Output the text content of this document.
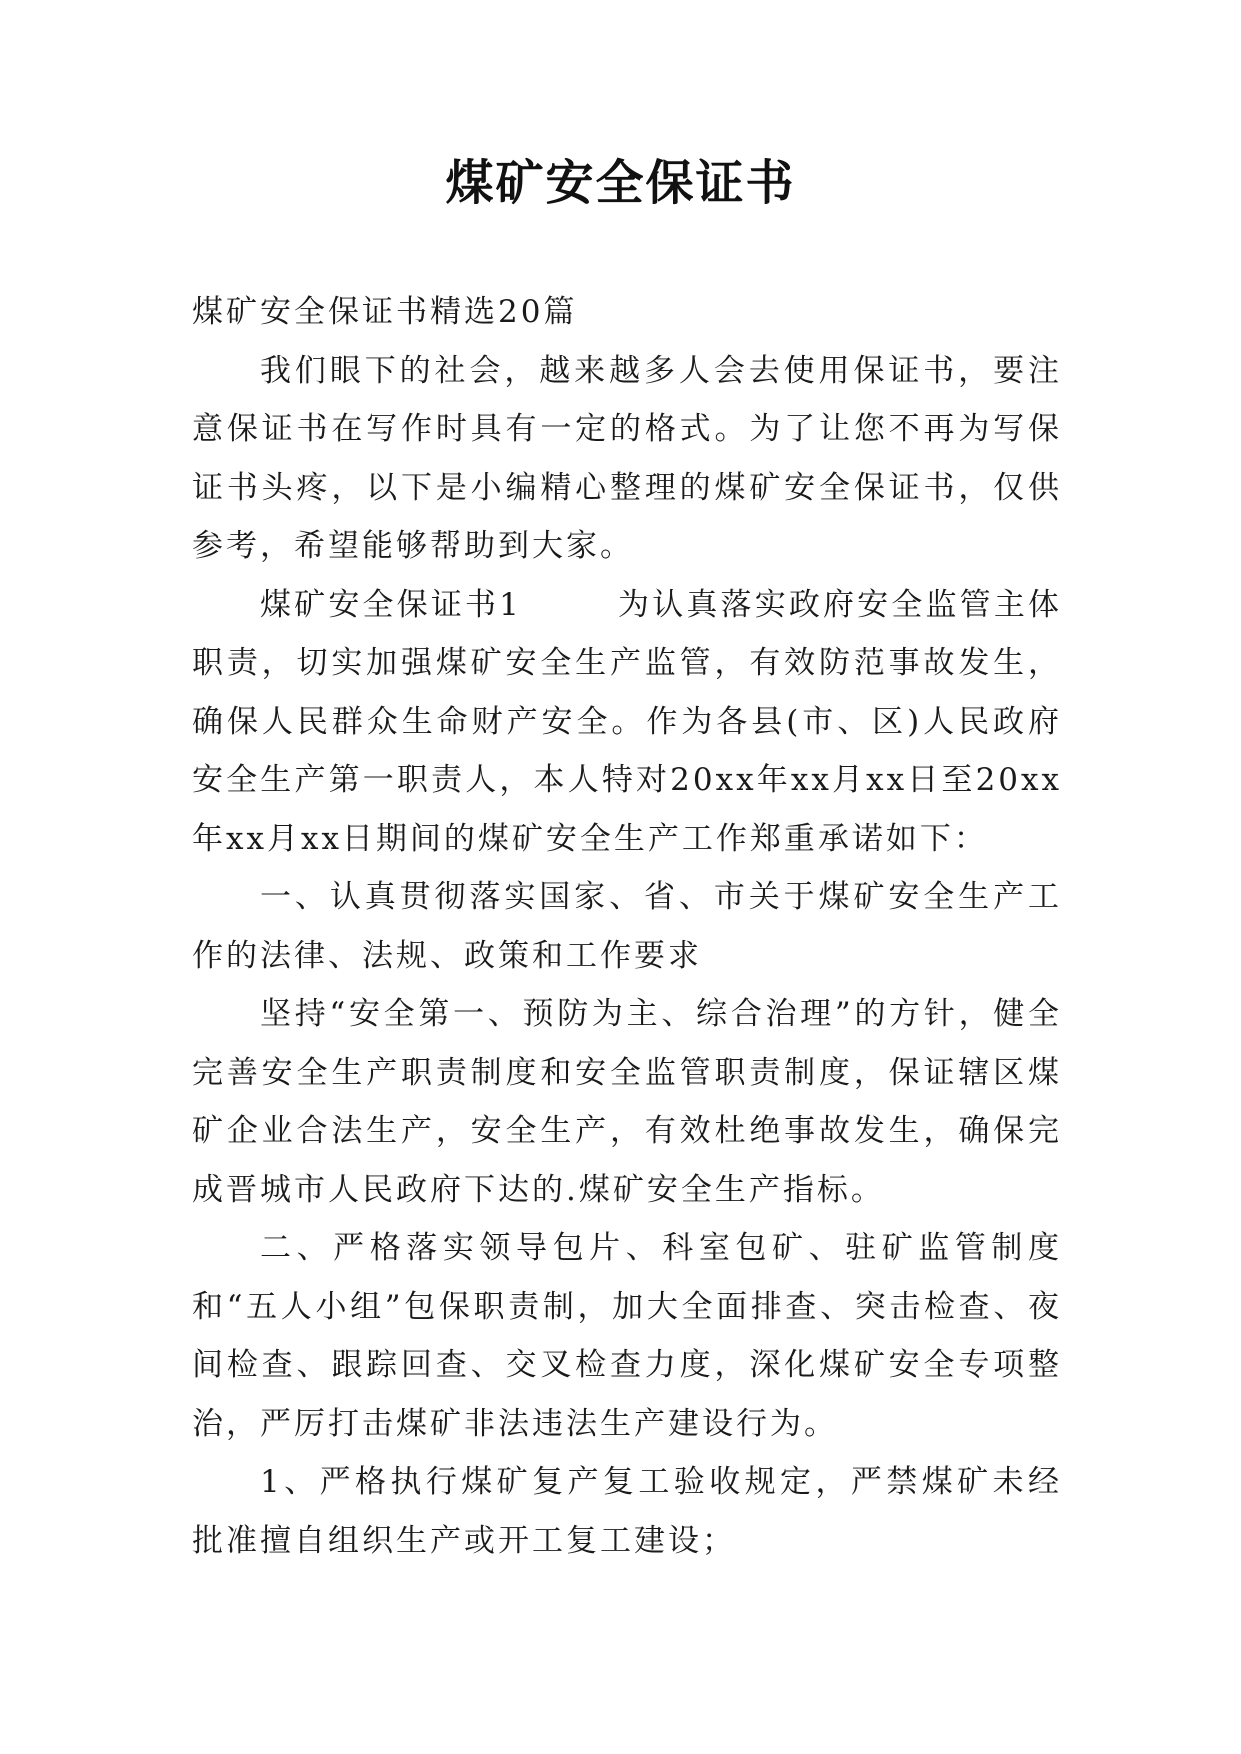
煤矿安全保证书

煤矿安全保证书精选20篇

我们眼下的社会，越来越多人会去使用保证书，要注意保证书在写作时具有一定的格式。为了让您不再为写保证书头疼，以下是小编精心整理的煤矿安全保证书，仅供参考，希望能够帮助到大家。

煤矿安全保证书1	为认真落实政府安全监管主体职责，切实加强煤矿安全生产监管，有效防范事故发生，确保人民群众生命财产安全。作为各县(市、区)人民政府安全生产第一职责人，本人特对20xx年xx月xx日至20xx年xx月xx日期间的煤矿安全生产工作郑重承诺如下：

一、认真贯彻落实国家、省、市关于煤矿安全生产工作的法律、法规、政策和工作要求

坚持“安全第一、预防为主、综合治理”的方针，健全完善安全生产职责制度和安全监管职责制度，保证辖区煤矿企业合法生产，安全生产，有效杜绝事故发生，确保完成晋城市人民政府下达的.煤矿安全生产指标。

二、严格落实领导包片、科室包矿、驻矿监管制度和“五人小组”包保职责制，加大全面排查、突击检查、夜间检查、跟踪回查、交叉检查力度，深化煤矿安全专项整治，严厉打击煤矿非法违法生产建设行为。

1、严格执行煤矿复产复工验收规定，严禁煤矿未经批准擅自组织生产或开工复工建设；
